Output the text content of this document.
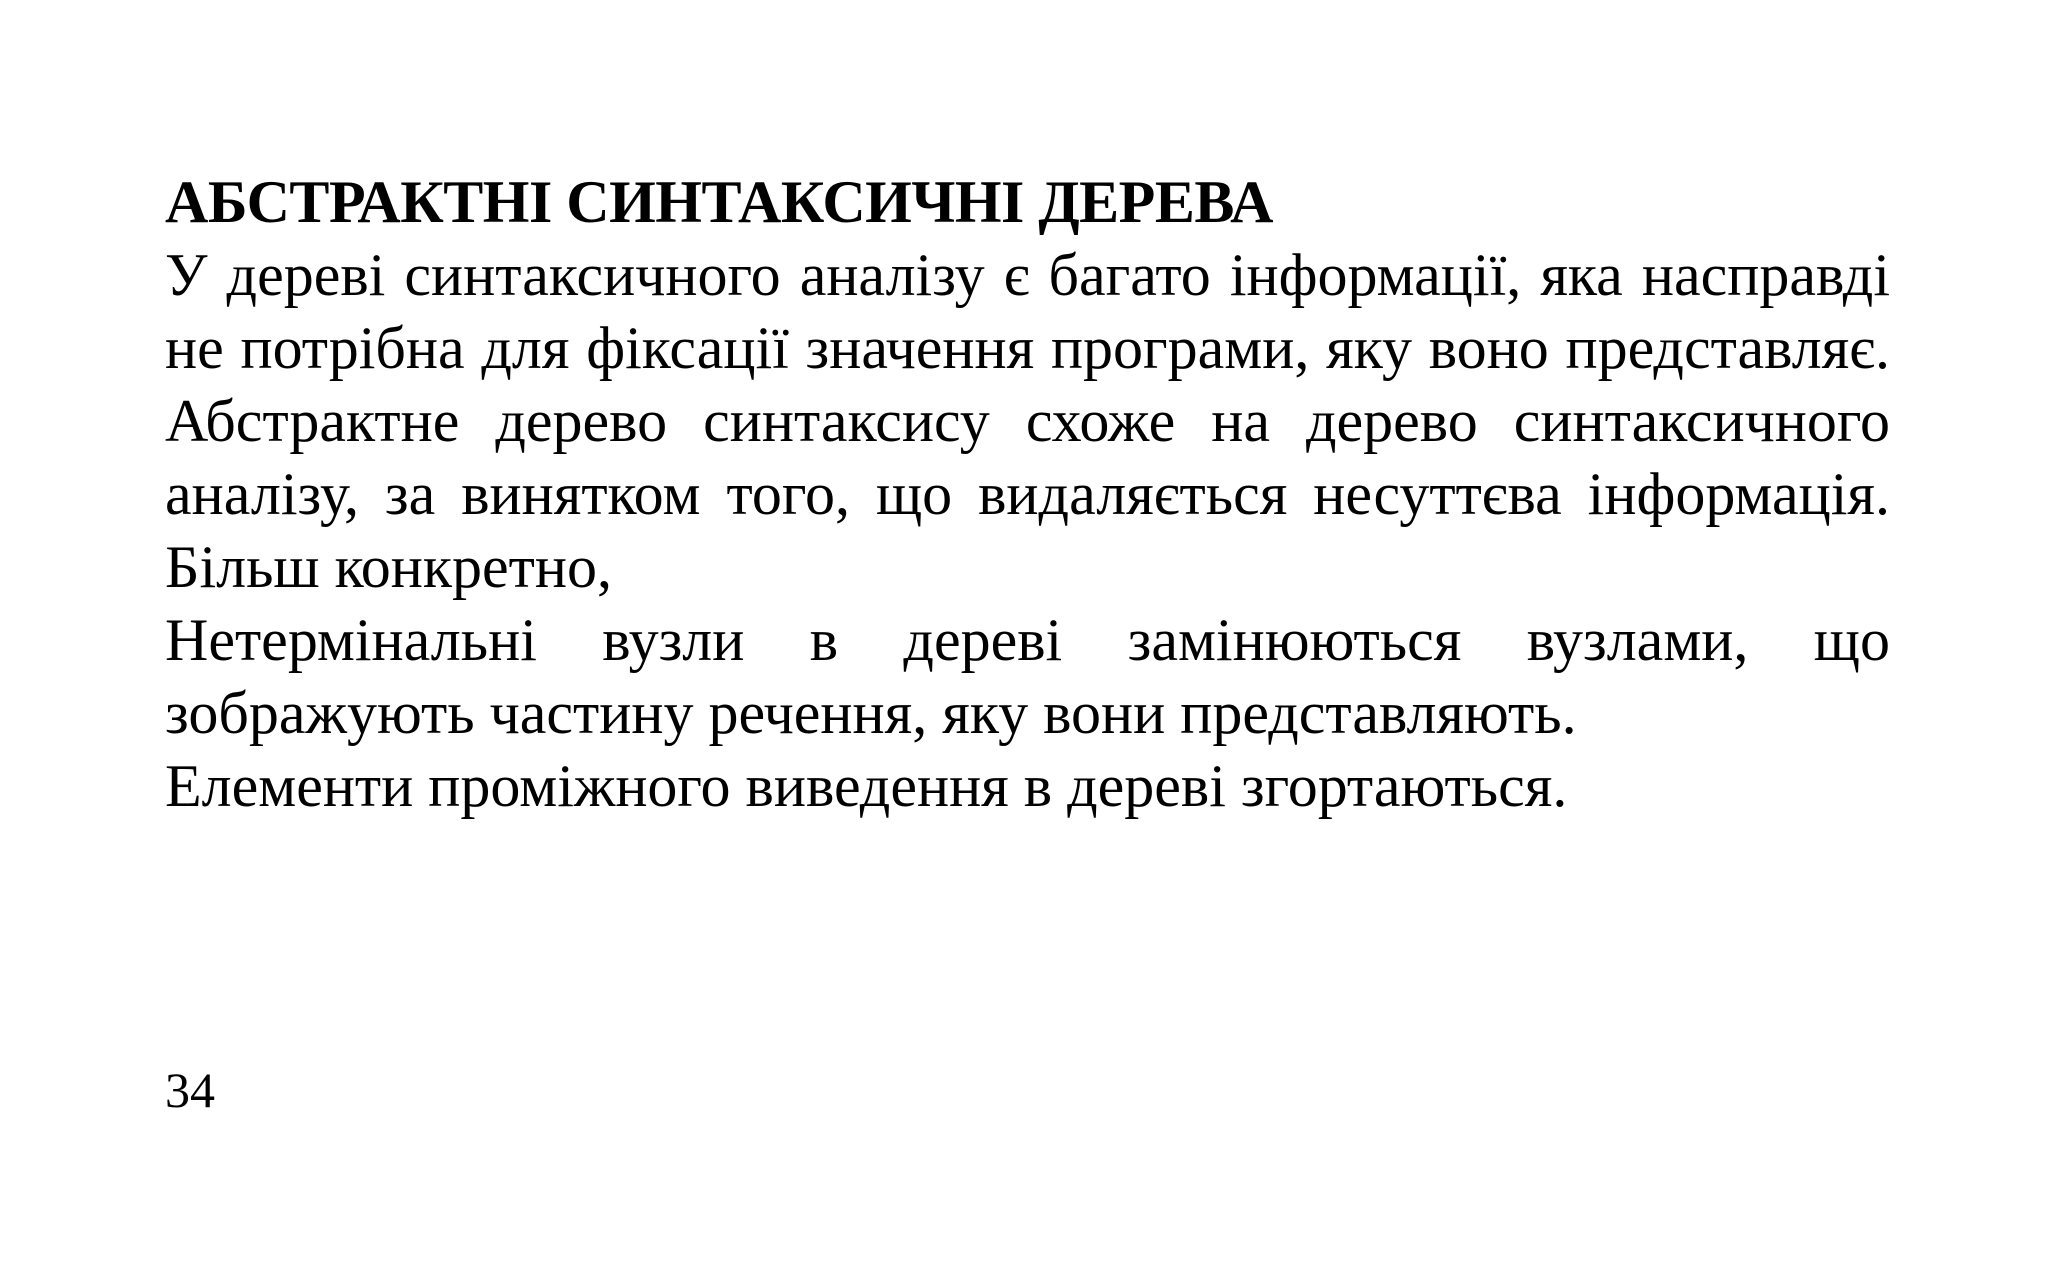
АБСТРАКТНІ СИНТАКСИЧНІ ДЕРЕВА

У дереві синтаксичного аналізу є багато інформації, яка насправді не потрібна для фіксації значення програми, яку воно представляє. Абстрактне дерево синтаксису схоже на дерево синтаксичного аналізу, за винятком того, що видаляється несуттєва інформація. Більш конкретно,

Нетермінальні вузли в дереві замінюються вузлами, що зображують частину речення, яку вони представляють.

Елементи проміжного виведення в дереві згортаються.

34
